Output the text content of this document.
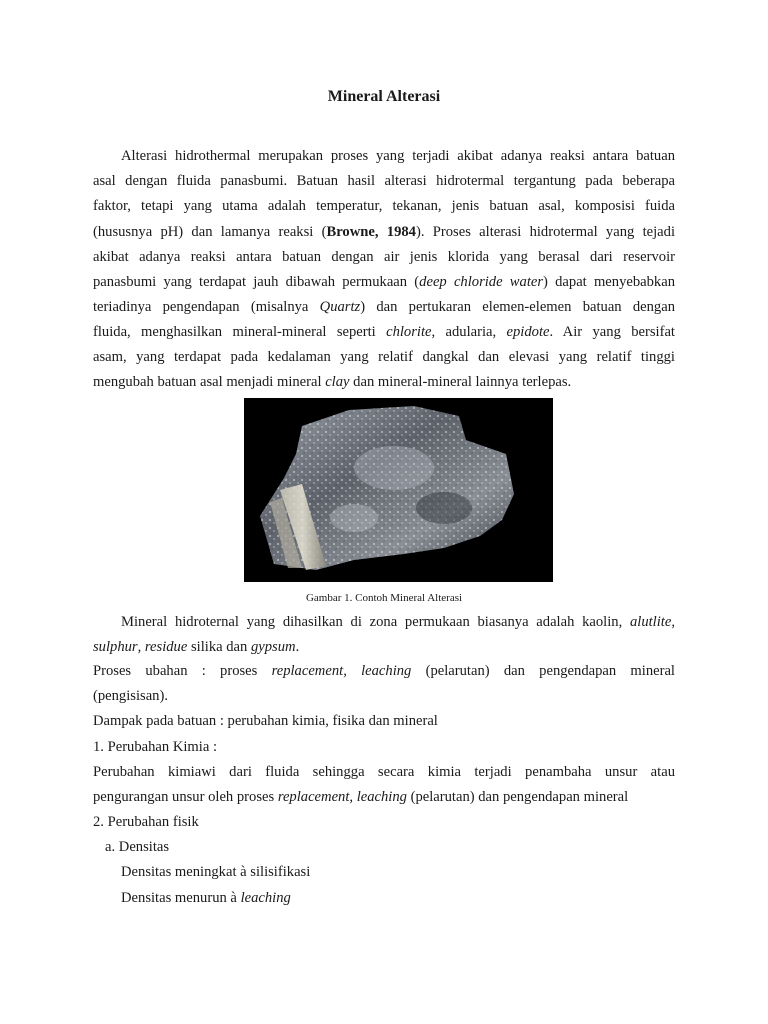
Mineral Alterasi
Alterasi hidrothermal merupakan proses yang terjadi akibat adanya reaksi antara batuan
asal dengan fluida panasbumi. Batuan hasil alterasi hidrotermal tergantung pada beberapa
faktor, tetapi yang utama adalah temperatur, tekanan, jenis batuan asal, komposisi fuida
(hususnya pH) dan lamanya reaksi (Browne, 1984). Proses alterasi hidrotermal yang tejadi
akibat adanya reaksi antara batuan dengan air jenis klorida yang berasal dari reservoir
panasbumi yang terdapat jauh dibawah permukaan (deep chloride water) dapat menyebabkan
teriadinya pengendapan (misalnya Quartz) dan pertukaran elemen-elemen batuan dengan
fluida, menghasilkan mineral-mineral seperti chlorite, adularia, epidote. Air yang bersifat
asam, yang terdapat pada kedalaman yang relatif dangkal dan elevasi yang relatif tinggi
mengubah batuan asal menjadi mineral clay dan mineral-mineral lainnya terlepas.
Gambar 1. Contoh Mineral Alterasi
Mineral hidroternal yang dihasilkan di zona permukaan biasanya adalah kaolin, alutlite,
sulphur, residue silika dan gypsum.
Proses ubahan : proses replacement, leaching (pelarutan) dan pengendapan mineral
(pengisisan).
Dampak pada batuan : perubahan kimia, fisika dan mineral
1. Perubahan Kimia :
Perubahan kimiawi dari fluida sehingga secara kimia terjadi penambaha unsur atau
pengurangan unsur oleh proses replacement, leaching (pelarutan) dan pengendapan mineral
2. Perubahan fisik
a. Densitas
Densitas meningkat à silisifikasi
Densitas menurun à leaching
